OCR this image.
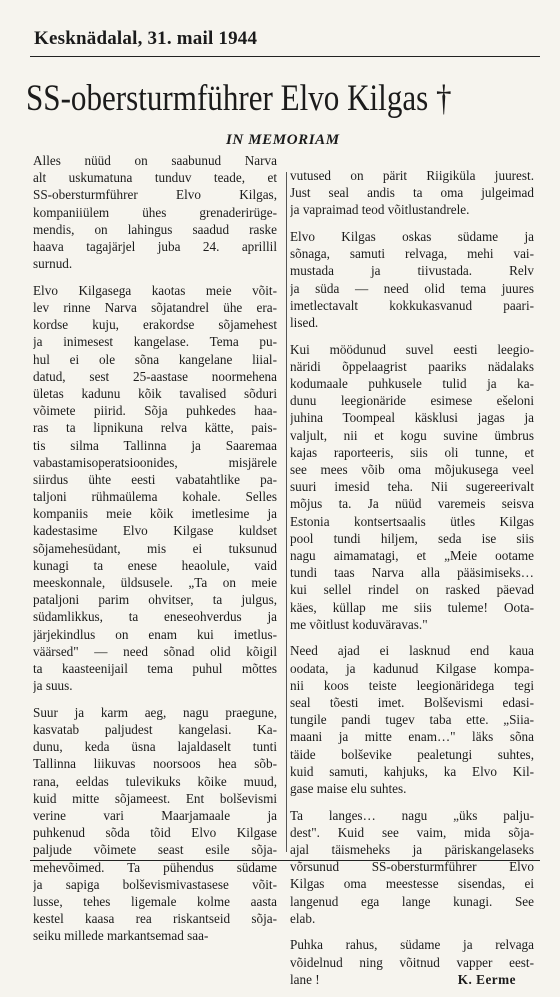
Kesknädalal, 31. mail 1944
SS-obersturmführer Elvo Kilgas †
IN MEMORIAM
Alles nüüd on saabunud Narva
alt uskumatuna tunduv teade, et
SS-obersturmführer Elvo Kilgas,
kompaniiülem ühes grenaderirüge-
mendis, on lahingus saadud raske
haava tagajärjel juba 24. aprillil
surnud.
Elvo Kilgasega kaotas meie võit-
lev rinne Narva sõjatandrel ühe era-
kordse kuju, erakordse sõjamehest
ja inimesest kangelase. Tema pu-
hul ei ole sõna kangelane liial-
datud, sest 25-aastase noormehena
ületas kadunu kõik tavalised sõduri
võimete piirid. Sõja puhkedes haa-
ras ta lipnikuna relva kätte, pais-
tis silma Tallinna ja Saaremaa
vabastamisoperatsioonides, misjärele
siirdus ühte eesti vabatahtlike pa-
taljoni rühmaülema kohale. Selles
kompaniis meie kõik imetlesime ja
kadestasime Elvo Kilgase kuldset
sõjamehesüdant, mis ei tuksunud
kunagi ta enese heaolule, vaid
meeskonnale, üldsusele. „Ta on meie
pataljoni parim ohvitser, ta julgus,
südamlikkus, ta eneseohverdus ja
järjekindlus on enam kui imetlus-
väärsed" — need sõnad olid kõigil
ta kaasteenijail tema puhul mõttes
ja suus.
Suur ja karm aeg, nagu praegune,
kasvatab paljudest kangelasi. Ka-
dunu, keda üsna lajaldaselt tunti
Tallinna liikuvas noorsoos hea sõb-
rana, eeldas tulevikuks kõike muud,
kuid mitte sõjameest. Ent bolševismi
verine vari Maarjamaale ja
puhkenud sõda tõid Elvo Kilgase
paljude võimete seast esile sõja-
mehevõimed. Ta pühendus südame
ja sapiga bolševismivastasese võit-
lusse, tehes ligemale kolme aasta
kestel kaasa rea riskantseid sõja-
seiku millede markantsemad saa-
vutused on pärit Riigiküla juurest.
Just seal andis ta oma julgeimad
ja vapraimad teod võitlustandrele.
Elvo Kilgas oskas südame ja
sõnaga, samuti relvaga, mehi vai-
mustada ja tiivustada. Relv
ja süda — need olid tema juures
imetlectavalt kokkukasvanud paari-
lised.
Kui möödunud suvel eesti leegio-
näridi õppelaagrist paariks nädalaks
kodumaale puhkusele tulid ja ka-
dunu leegionäride esimese ešeloni
juhina Toompeal käsklusi jagas ja
valjult, nii et kogu suvine ümbrus
kajas raporteeris, siis oli tunne, et
see mees võib oma mõjukusega veel
suuri imesid teha. Nii sugereerivalt
mõjus ta. Ja nüüd varemeis seisva
Estonia kontsertsaalis ütles Kilgas
pool tundi hiljem, seda ise siis
nagu aimamatagi, et „Meie ootame
tundi taas Narva alla pääsimiseks…
kui sellel rindel on rasked päevad
käes, küllap me siis tuleme! Oota-
me võitlust koduväravas."
Need ajad ei lasknud end kaua
oodata, ja kadunud Kilgase kompa-
nii koos teiste leegionäridega tegi
seal tõesti imet. Bolševismi edasi-
tungile pandi tugev taba ette. „Siia-
maani ja mitte enam…" läks sõna
täide bolševike pealetungi suhtes,
kuid samuti, kahjuks, ka Elvo Kil-
gase maise elu suhtes.
Ta langes… nagu „üks palju-
dest". Kuid see vaim, mida sõja-
ajal täismeheks ja päriskangelaseks
võrsunud SS-obersturmführer Elvo
Kilgas oma meestesse sisendas, ei
langenud ega lange kunagi. See
elab.
Puhka rahus, südame ja relvaga
võidelnud ning võitnud vapper eest-
lane !	K. Eerme
